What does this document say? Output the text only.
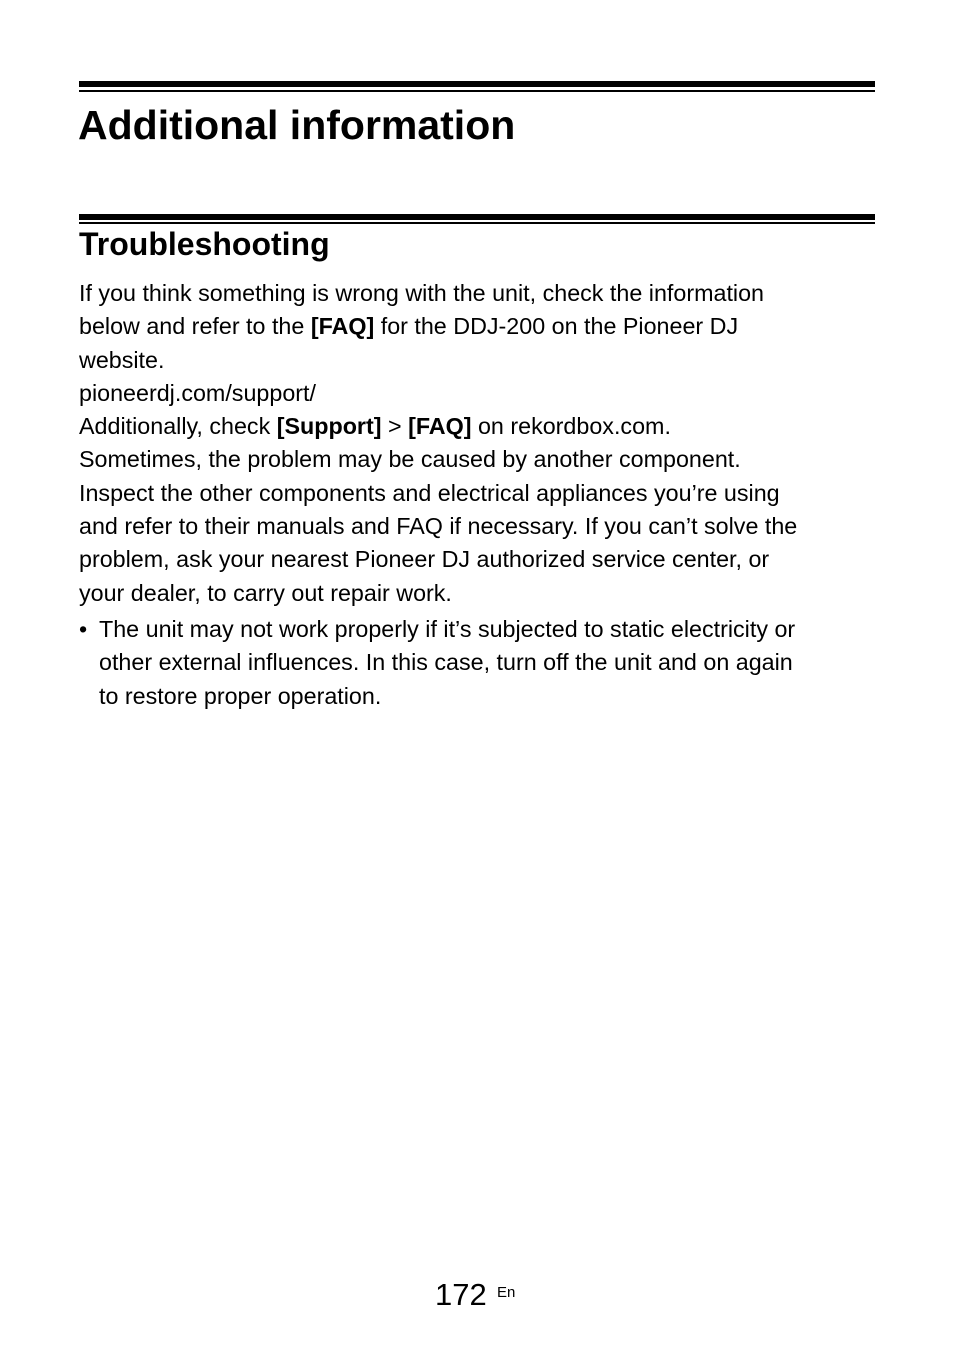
Additional information
Troubleshooting
If you think something is wrong with the unit, check the information
below and refer to the [FAQ] for the DDJ-200 on the Pioneer DJ
website.
pioneerdj.com/support/
Additionally, check [Support] > [FAQ] on rekordbox.com.
Sometimes, the problem may be caused by another component.
Inspect the other components and electrical appliances you’re using
and refer to their manuals and FAQ if necessary. If you can’t solve the
problem, ask your nearest Pioneer DJ authorized service center, or
your dealer, to carry out repair work.
• The unit may not work properly if it’s subjected to static electricity or
other external influences. In this case, turn off the unit and on again
to restore proper operation.
172 En
